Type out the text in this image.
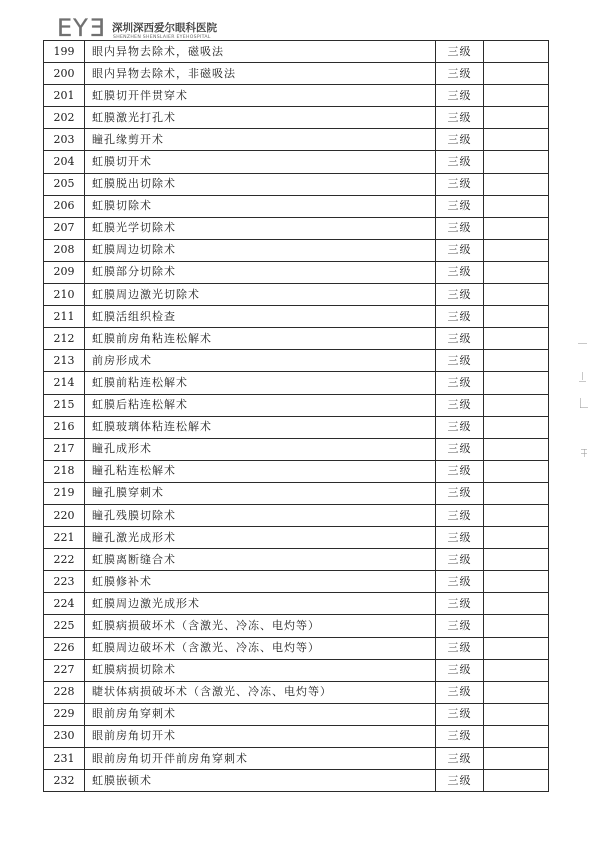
EYE 深圳深西爱尔眼科医院
SHENZHEN SHENSLAIER EYEHOSPITAL
199	眼内异物去除术，磁吸法	三级	
200	眼内异物去除术，非磁吸法	三级	
201	虹膜切开伴贯穿术	三级	
202	虹膜激光打孔术	三级	
203	瞳孔缘剪开术	三级	
204	虹膜切开术	三级	
205	虹膜脱出切除术	三级	
206	虹膜切除术	三级	
207	虹膜光学切除术	三级	
208	虹膜周边切除术	三级	
209	虹膜部分切除术	三级	
210	虹膜周边激光切除术	三级	
211	虹膜活组织检查	三级	
212	虹膜前房角粘连松解术	三级	
213	前房形成术	三级	
214	虹膜前粘连松解术	三级	
215	虹膜后粘连松解术	三级	
216	虹膜玻璃体粘连松解术	三级	
217	瞳孔成形术	三级	
218	瞳孔粘连松解术	三级	
219	瞳孔膜穿刺术	三级	
220	瞳孔残膜切除术	三级	
221	瞳孔激光成形术	三级	
222	虹膜离断缝合术	三级	
223	虹膜修补术	三级	
224	虹膜周边激光成形术	三级	
225	虹膜病损破坏术（含激光、冷冻、电灼等）	三级	
226	虹膜周边破坏术（含激光、冷冻、电灼等）	三级	
227	虹膜病损切除术	三级	
228	睫状体病损破坏术（含激光、冷冻、电灼等）	三级	
229	眼前房角穿刺术	三级	
230	眼前房角切开术	三级	
231	眼前房角切开伴前房角穿刺术	三级	
232	虹膜嵌顿术	三级	
